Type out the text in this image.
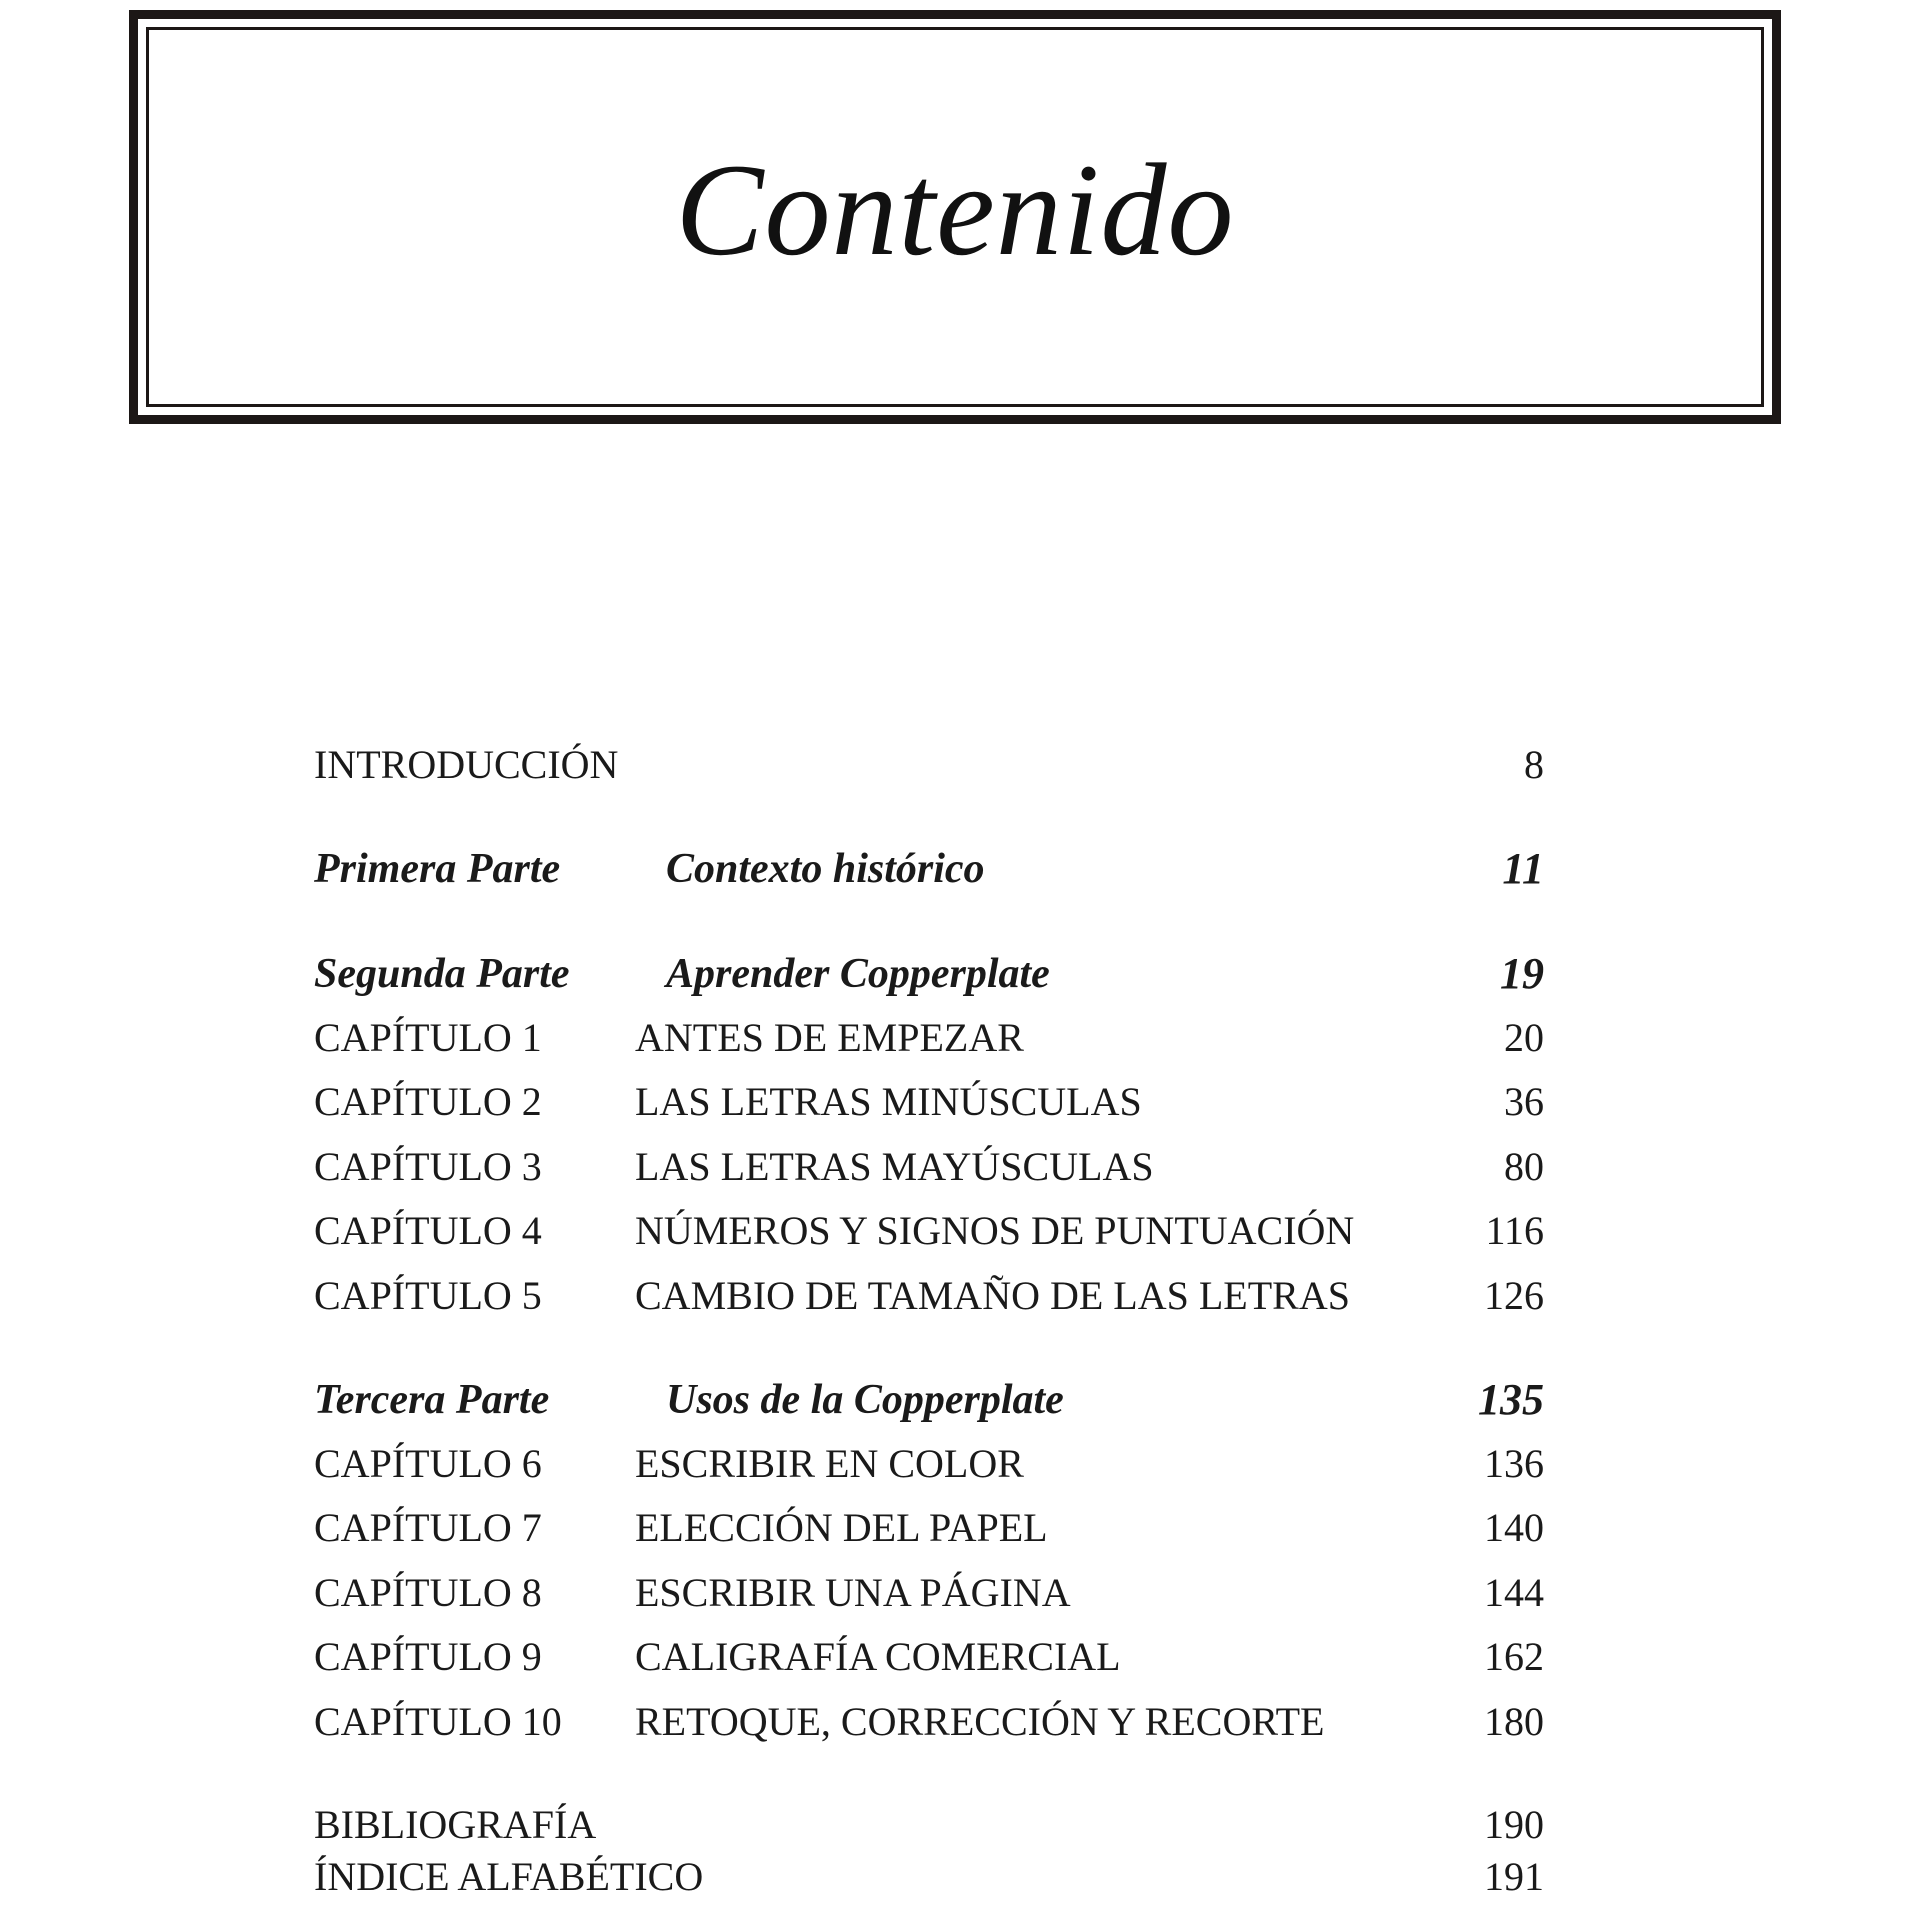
Contenido
INTRODUCCIÓN	8
Primera Parte	Contexto histórico	11
Segunda Parte Aprender Copperplate	19
CAPÍTULO 1 ANTES DE EMPEZAR	20
CAPÍTULO 2 LAS LETRAS MINÚSCULAS	36
CAPÍTULO 3 LAS LETRAS MAYÚSCULAS	80
CAPÍTULO 4 NÚMEROS Y SIGNOS DE PUNTUACIÓN	116
CAPÍTULO 5 CAMBIO DE TAMAÑO DE LAS LETRAS	126
Tercera Parte	Usos de la Copperplate	135
CAPÍTULO 6 ESCRIBIR EN COLOR	136
CAPÍTULO 7 ELECCIÓN DEL PAPEL	140
CAPÍTULO 8 ESCRIBIR UNA PÁGINA	144
CAPÍTULO 9 CALIGRAFÍA COMERCIAL	162
CAPÍTULO 10 RETOQUE, CORRECCIÓN Y RECORTE	180
BIBLIOGRAFÍA	190
ÍNDICE ALFABÉTICO	191
